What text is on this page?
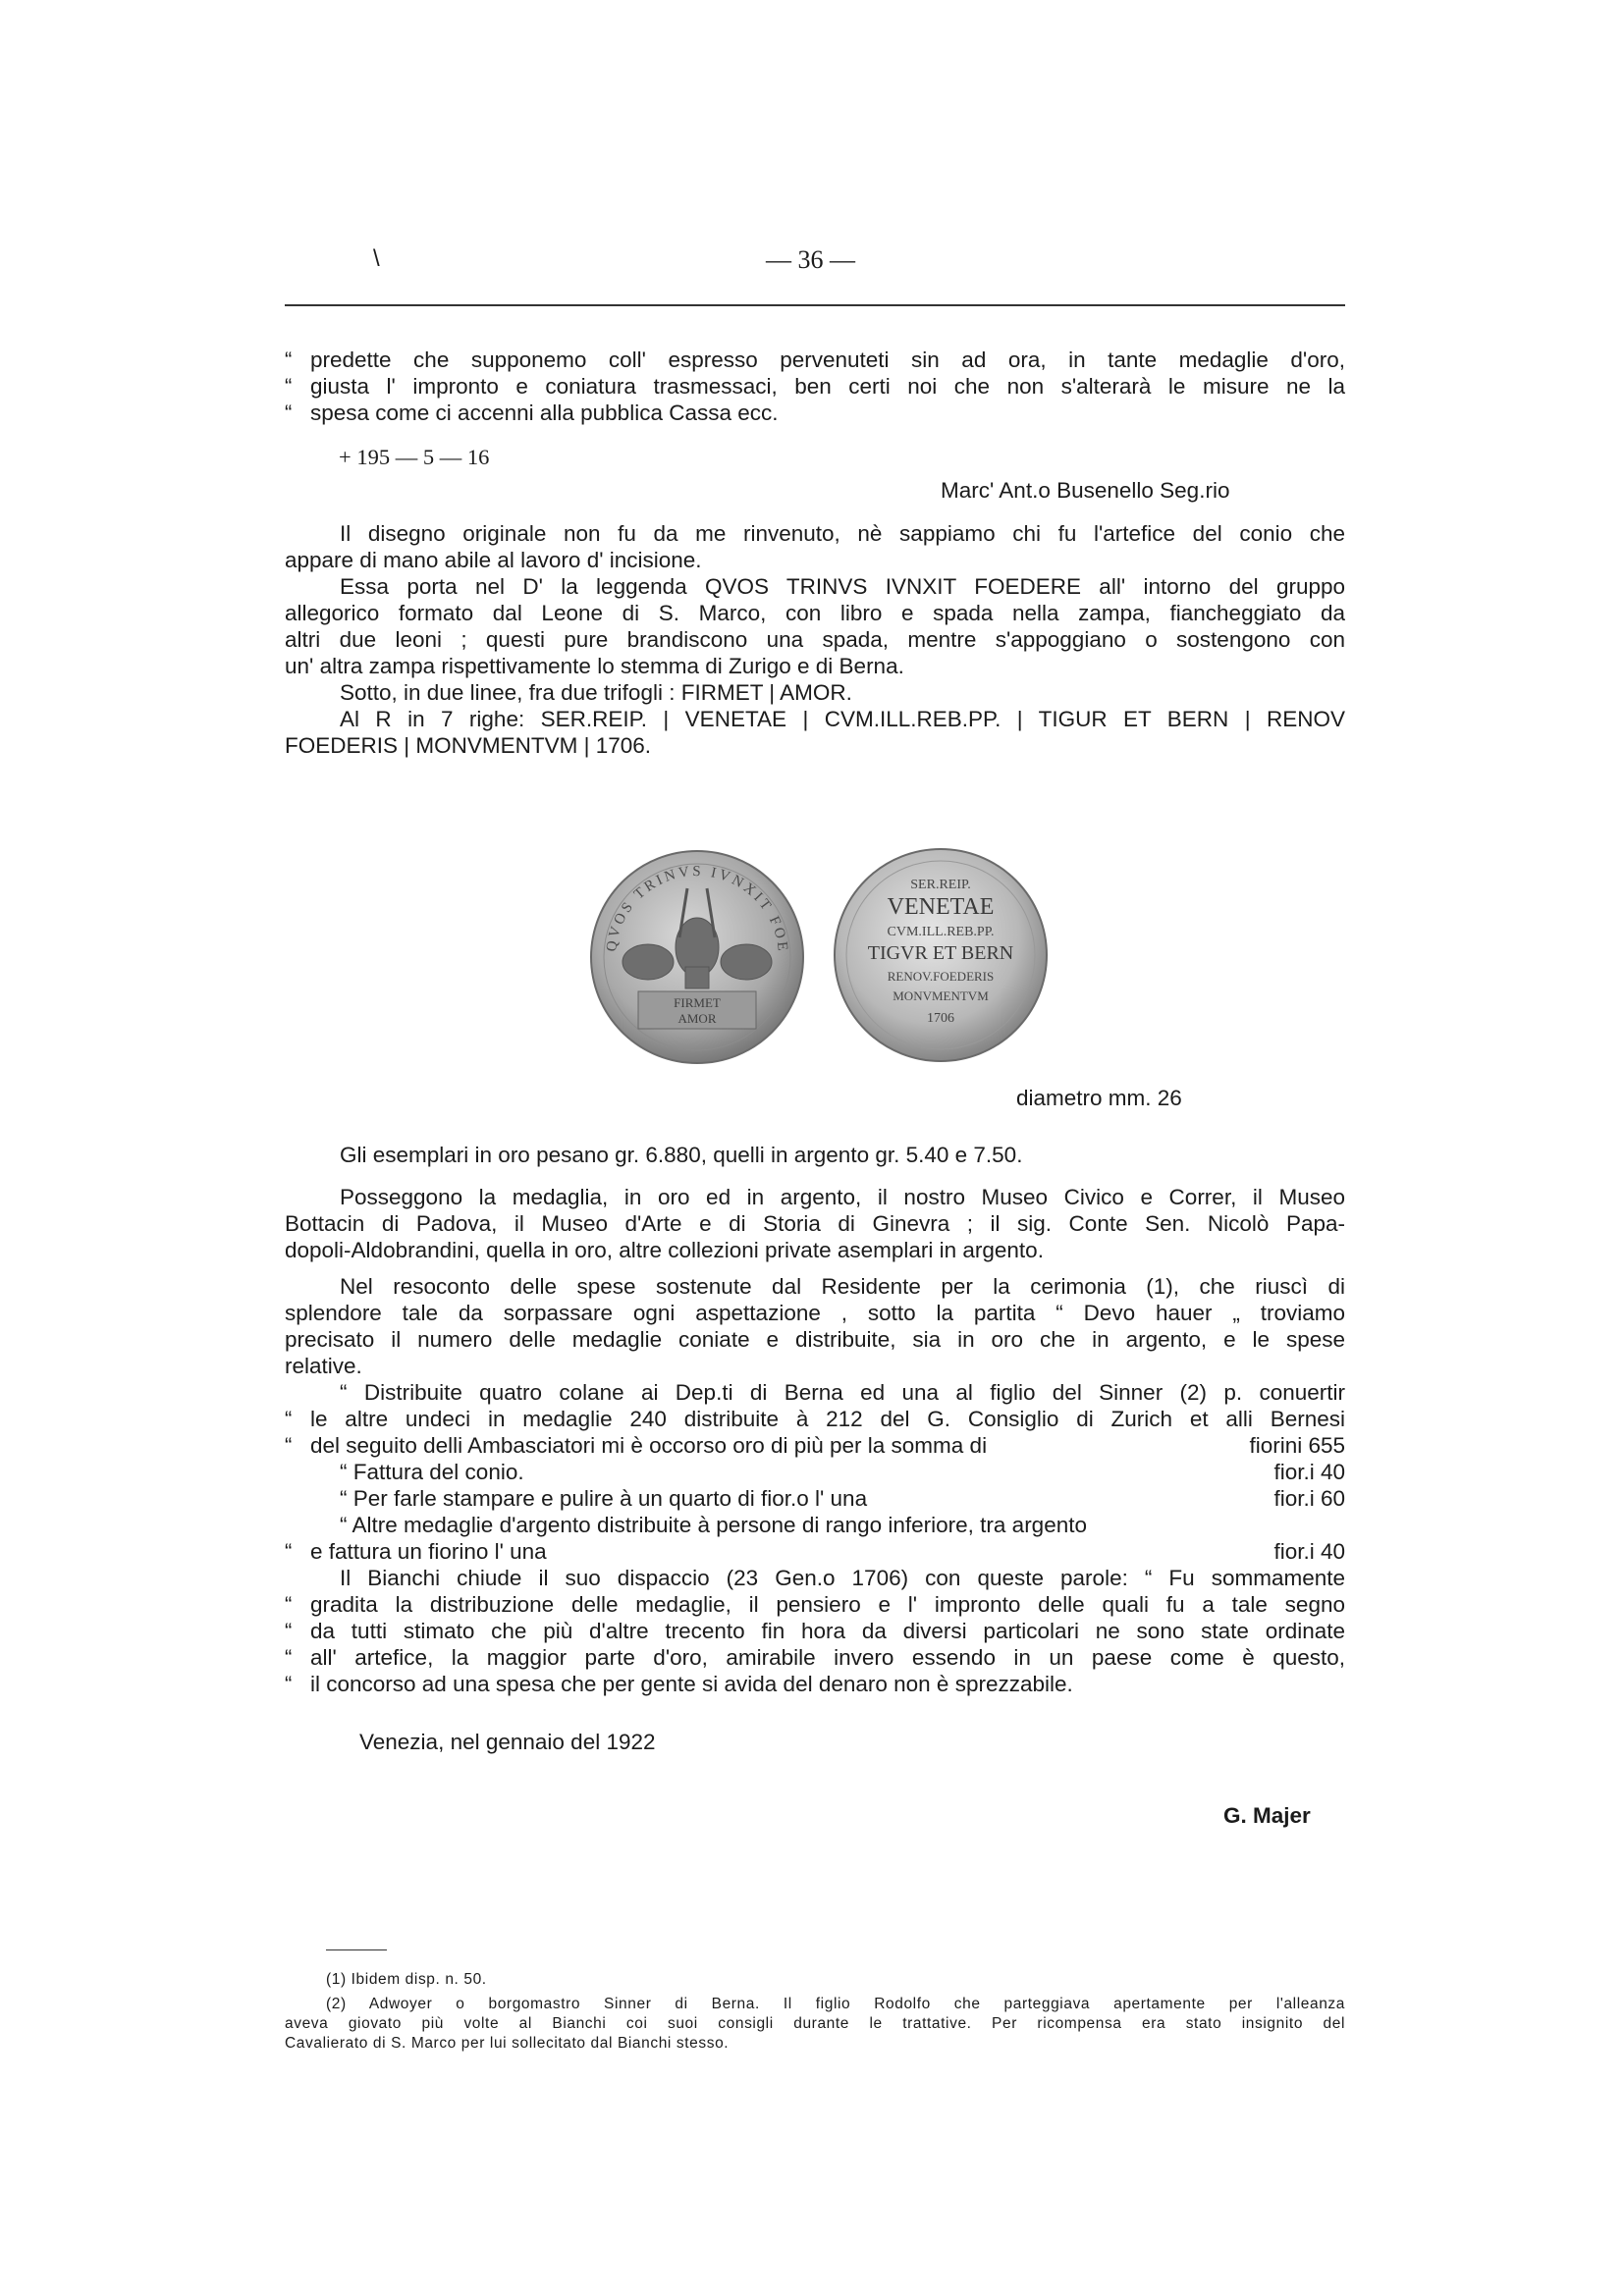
\	— 36 —
“ predette che supponemo coll' espresso pervenuteti sin ad ora, in tante medaglie d'oro,
“ giusta l' impronto e coniatura trasmessaci, ben certi noi che non s'alterarà le misure ne la
“ spesa come ci accenni alla pubblica Cassa ecc.
+ 195 — 5 — 16
Marc' Ant.o Busenello Seg.rio
Il disegno originale non fu da me rinvenuto, nè sappiamo chi fu l'artefice del conio che
appare di mano abile al lavoro d' incisione.
Essa porta nel D' la leggenda QVOS TRINVS IVNXIT FOEDERE all' intorno del gruppo
allegorico formato dal Leone di S. Marco, con libro e spada nella zampa, fiancheggiato da
altri due leoni ; questi pure brandiscono una spada, mentre s'appoggiano o sostengono con
un' altra zampa rispettivamente lo stemma di Zurigo e di Berna.
Sotto, in due linee, fra due trifogli : FIRMET | AMOR.
Al R in 7 righe: SER.REIP. | VENETAE | CVM.ILL.REB.PP. | TIGUR ET BERN | RENOV
FOEDERIS | MONVMENTVM | 1706.
QVOS TRINVS IVNXIT FOE
FIRMET
AMOR
SER.REIP.
VENETAE
CVM.ILL.REB.PP.
TIGVR ET BERN
RENOV.FOEDERIS
MONVMENTVM
1706
diametro mm. 26
Gli esemplari in oro pesano gr. 6.880, quelli in argento gr. 5.40 e 7.50.
Posseggono la medaglia, in oro ed in argento, il nostro Museo Civico e Correr, il Museo
Bottacin di Padova, il Museo d'Arte e di Storia di Ginevra ; il sig. Conte Sen. Nicolò Papa-
dopoli-Aldobrandini, quella in oro, altre collezioni private asemplari in argento.
Nel resoconto delle spese sostenute dal Residente per la cerimonia (1), che riuscì di
splendore tale da sorpassare ogni aspettazione , sotto la partita “ Devo hauer „ troviamo
precisato il numero delle medaglie coniate e distribuite, sia in oro che in argento, e le spese
relative.
“ Distribuite quatro colane ai Dep.ti di Berna ed una al figlio del Sinner (2) p. conuertir
“ le altre undeci in medaglie 240 distribuite à 212 del G. Consiglio di Zurich et alli Bernesi
“ del seguito delli Ambasciatori mi è occorso oro di più per la somma di	fiorini 655
“ Fattura del conio.	fior.i 40
“ Per farle stampare e pulire à un quarto di fior.o l' una	fior.i 60
“ Altre medaglie d'argento distribuite à persone di rango inferiore, tra argento
“ e fattura un fiorino l' una	fior.i 40
Il Bianchi chiude il suo dispaccio (23 Gen.o 1706) con queste parole: “ Fu sommamente
“ gradita la distribuzione delle medaglie, il pensiero e l' impronto delle quali fu a tale segno
“ da tutti stimato che più d'altre trecento fin hora da diversi particolari ne sono state ordinate
“ all' artefice, la maggior parte d'oro, amirabile invero essendo in un paese come è questo,
“ il concorso ad una spesa che per gente si avida del denaro non è sprezzabile.
Venezia, nel gennaio del 1922
G. Majer
(1) Ibidem disp. n. 50.
(2) Adwoyer o borgomastro Sinner di Berna. Il figlio Rodolfo che parteggiava apertamente per l'alleanza
aveva giovato più volte al Bianchi coi suoi consigli durante le trattative. Per ricompensa era stato insignito del
Cavalierato di S. Marco per lui sollecitato dal Bianchi stesso.
